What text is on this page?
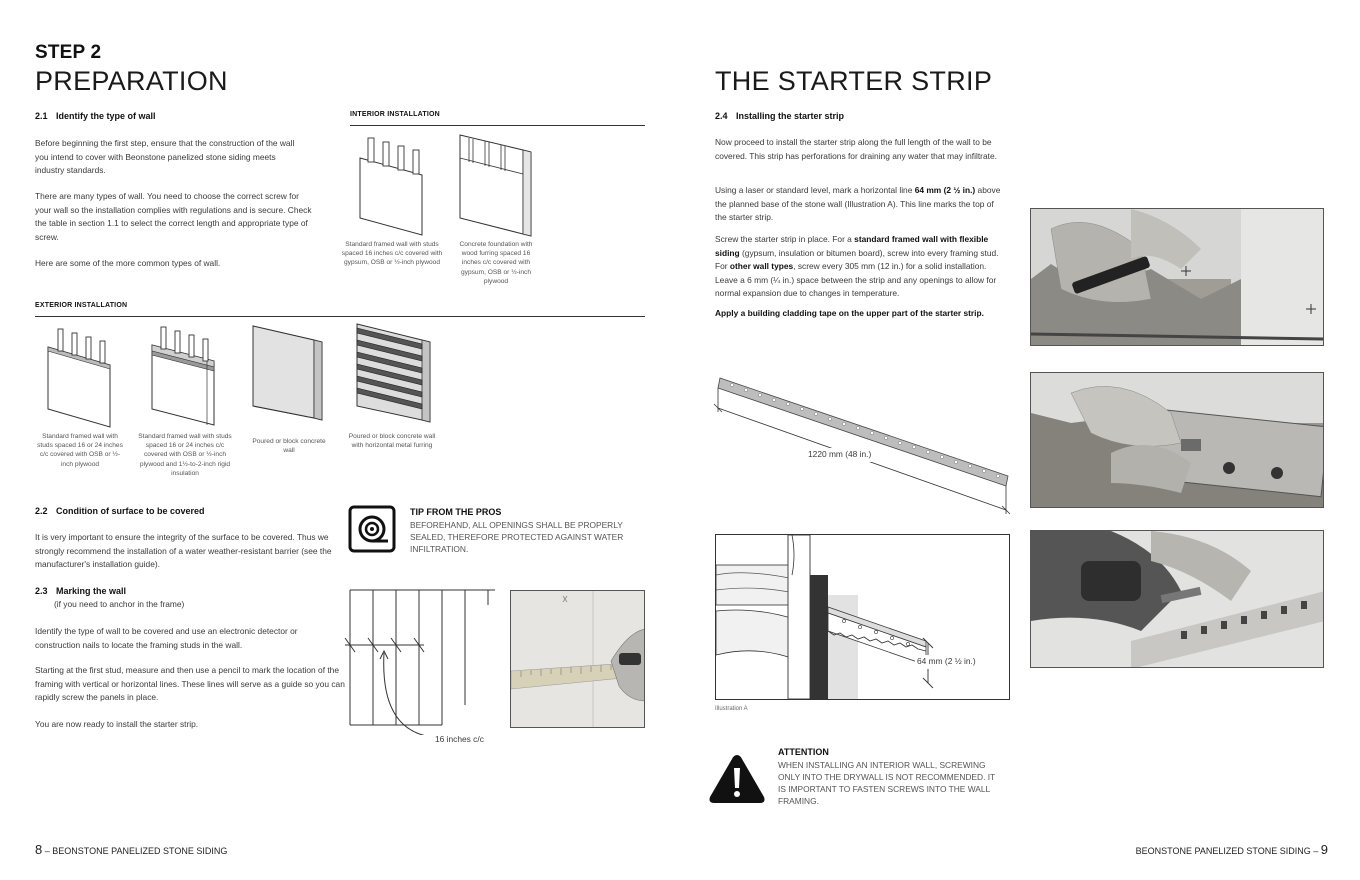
STEP 2
PREPARATION
2.1 Identify the type of wall
Before beginning the first step, ensure that the construction of the wall you intend to cover with Beonstone panelized stone siding meets industry standards.
There are many types of wall. You need to choose the correct screw for your wall so the installation complies with regulations and is secure. Check the table in section 1.1 to select the correct length and appropriate type of screw.
Here are some of the more common types of wall.
INTERIOR INSTALLATION
Standard framed wall with studs spaced 16 inches c/c covered with gypsum, OSB or ½-inch plywood
Concrete foundation with wood furring spaced 16 inches c/c covered with gypsum, OSB or ½-inch plywood
EXTERIOR INSTALLATION
Standard framed wall with studs spaced 16 or 24 inches c/c covered with OSB or ½-inch plywood
Standard framed wall with studs spaced 16 or 24 inches c/c covered with OSB or ½-inch plywood and 1½-to-2-inch rigid insulation
Poured or block concrete wall
Poured or block concrete wall with horizontal metal furring
2.2 Condition of surface to be covered
It is very important to ensure the integrity of the surface to be covered. Thus we strongly recommend the installation of a water weather-resistant barrier (see the manufacturer's installation guide).
TIP FROM THE PROS
BEFOREHAND, ALL OPENINGS SHALL BE PROPERLY SEALED, THEREFORE PROTECTED AGAINST WATER INFILTRATION.
2.3 Marking the wall
(if you need to anchor in the frame)
Identify the type of wall to be covered and use an electronic detector or construction nails to locate the framing studs in the wall.
Starting at the first stud, measure and then use a pencil to mark the location of the framing with vertical or horizontal lines. These lines will serve as a guide so you can rapidly screw the panels in place.
You are now ready to install the starter strip.
16 inches c/c
8 – BEONSTONE PANELIZED STONE SIDING
THE STARTER STRIP
2.4 Installing the starter strip
Now proceed to install the starter strip along the full length of the wall to be covered. This strip has perforations for draining any water that may infiltrate.
Using a laser or standard level, mark a horizontal line 64 mm (2 ½ in.) above the planned base of the stone wall (Illustration A). This line marks the top of the starter strip.
Screw the starter strip in place. For a standard framed wall with flexible siding (gypsum, insulation or bitumen board), screw into every framing stud. For other wall types, screw every 305 mm (12 in.) for a solid installation. Leave a 6 mm (¼ in.) space between the strip and any openings to allow for normal expansion due to changes in temperature.
Apply a building cladding tape on the upper part of the starter strip.
1220 mm (48 in.)
64 mm (2 ½ in.)
Illustration A
ATTENTION
WHEN INSTALLING AN INTERIOR WALL, SCREWING ONLY INTO THE DRYWALL IS NOT RECOMMENDED. IT IS IMPORTANT TO FASTEN SCREWS INTO THE WALL FRAMING.
BEONSTONE PANELIZED STONE SIDING – 9
